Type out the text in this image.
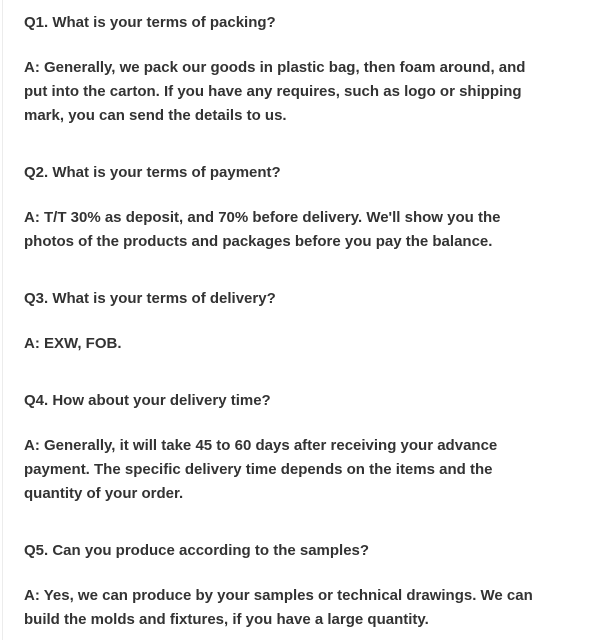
Q1. What is your terms of packing?
A: Generally, we pack our goods in plastic bag, then foam around, and
put into the carton. If you have any requires, such as logo or shipping
mark, you can send the details to us.
Q2. What is your terms of payment?
A: T/T 30% as deposit, and 70% before delivery. We'll show you the
photos of the products and packages before you pay the balance.
Q3. What is your terms of delivery?
A: EXW, FOB.
Q4. How about your delivery time?
A: Generally, it will take 45 to 60 days after receiving your advance
payment. The specific delivery time depends on the items and the
quantity of your order.
Q5. Can you produce according to the samples?
A: Yes, we can produce by your samples or technical drawings. We can
build the molds and fixtures, if you have a large quantity.
